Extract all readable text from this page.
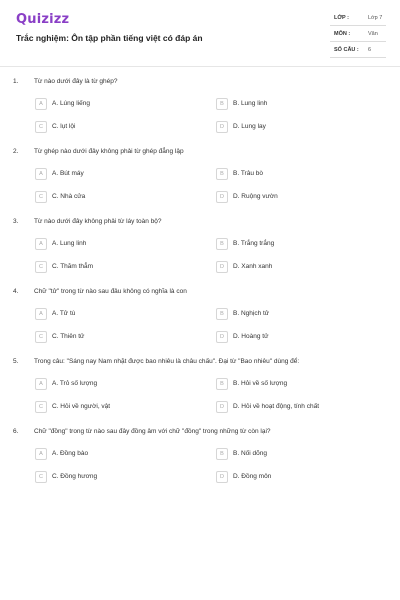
Quizizz
Trắc nghiệm: Ôn tập phần tiếng việt có đáp án
LỚP :	Lớp 7
MÔN :	Văn
SỐ CÂU : 6
1. Từ nào dưới đây là từ ghép?
A	A. Lúng liếng	B	B. Lung linh
C	C. lụt lội	D	D. Lung lay
2. Từ ghép nào dưới đây không phải từ ghép đẳng lập
A	A. Bút máy	B	B. Trâu bò
C	C. Nhà cửa	D	D. Ruộng vườn
3. Từ nào dưới đây không phải từ láy toàn bộ?
A	A. Lung linh	B	B. Trắng trắng
C	C. Thăm thẳm	D	D. Xanh xanh
4. Chữ "tử" trong từ nào sau đâu không có nghĩa là con
A	A. Tử tù	B	B. Nghịch tử
C	C. Thiên tử	D	D. Hoàng tử
5. Trong câu: "Sáng nay Nam nhặt được bao nhiêu là châu chấu". Đại từ "Bao nhiêu" dùng để:
A	A. Trỏ số lượng	B	B. Hỏi về số lượng
C	C. Hỏi về người, vật	D	D. Hỏi về hoạt động, tính chất
6. Chữ "đồng" trong từ nào sau đây đồng âm với chữ "đồng" trong những từ còn lại?
A	A. Đồng bào	B	B. Nối dõng
C	C. Đồng hương	D	D. Đồng môn
